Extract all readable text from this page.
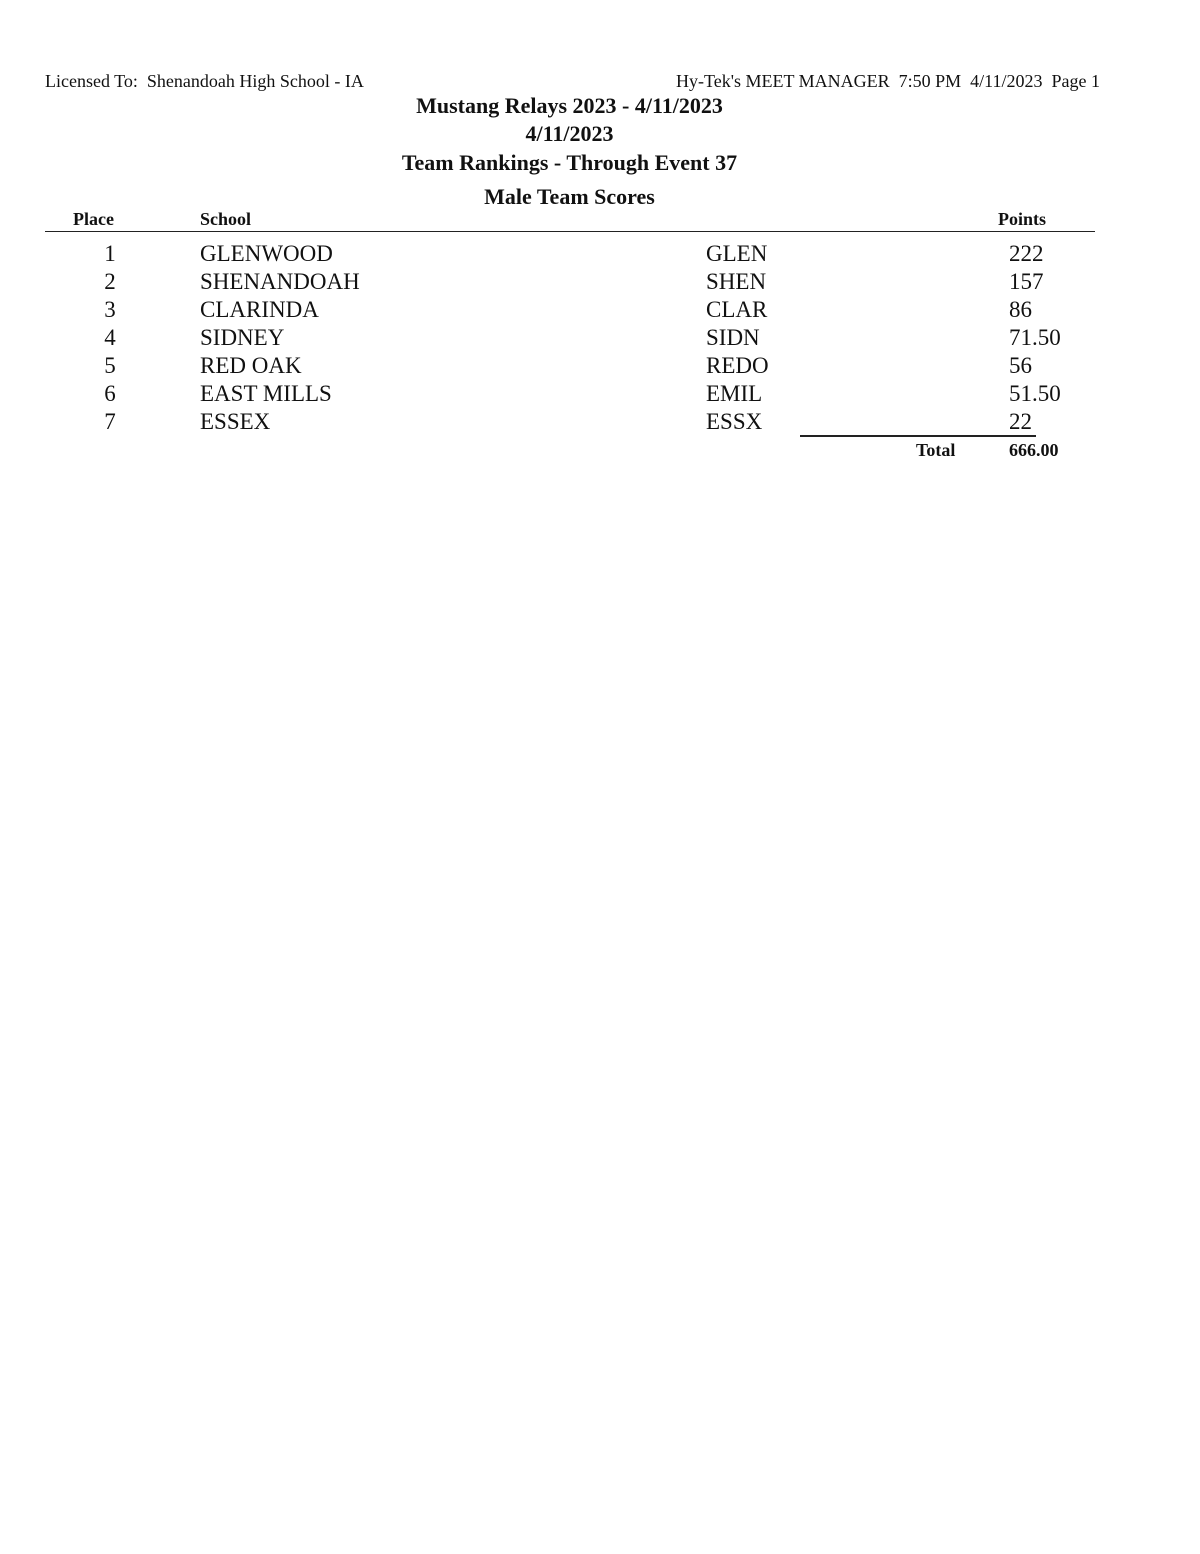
Licensed To:  Shenandoah High School - IA	Hy-Tek's MEET MANAGER  7:50 PM  4/11/2023  Page 1
Mustang Relays 2023 - 4/11/2023
4/11/2023
Team Rankings - Through Event 37
Male Team Scores
Place	School	Points
1	GLENWOOD	GLEN	222
2	SHENANDOAH	SHEN	157
3	CLARINDA	CLAR	86
4	SIDNEY	SIDN	71.50
5	RED OAK	REDO	56
6	EAST MILLS	EMIL	51.50
7	ESSEX	ESSX	22
Total	666.00
